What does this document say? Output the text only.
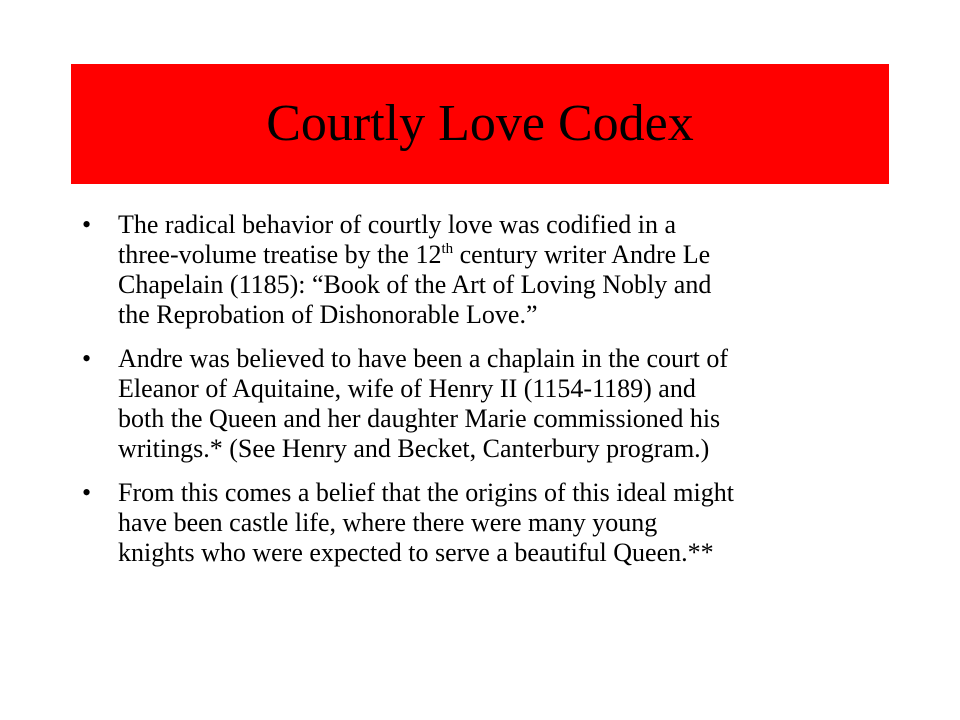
Courtly Love Codex
• The radical behavior of courtly love was codified in a
three-volume treatise by the 12th century writer Andre Le
Chapelain (1185): “Book of the Art of Loving Nobly and
the Reprobation of Dishonorable Love.”
• Andre was believed to have been a chaplain in the court of
Eleanor of Aquitaine, wife of Henry II (1154-1189) and
both the Queen and her daughter Marie commissioned his
writings.* (See Henry and Becket, Canterbury program.)
• From this comes a belief that the origins of this ideal might
have been castle life, where there were many young
knights who were expected to serve a beautiful Queen.**
